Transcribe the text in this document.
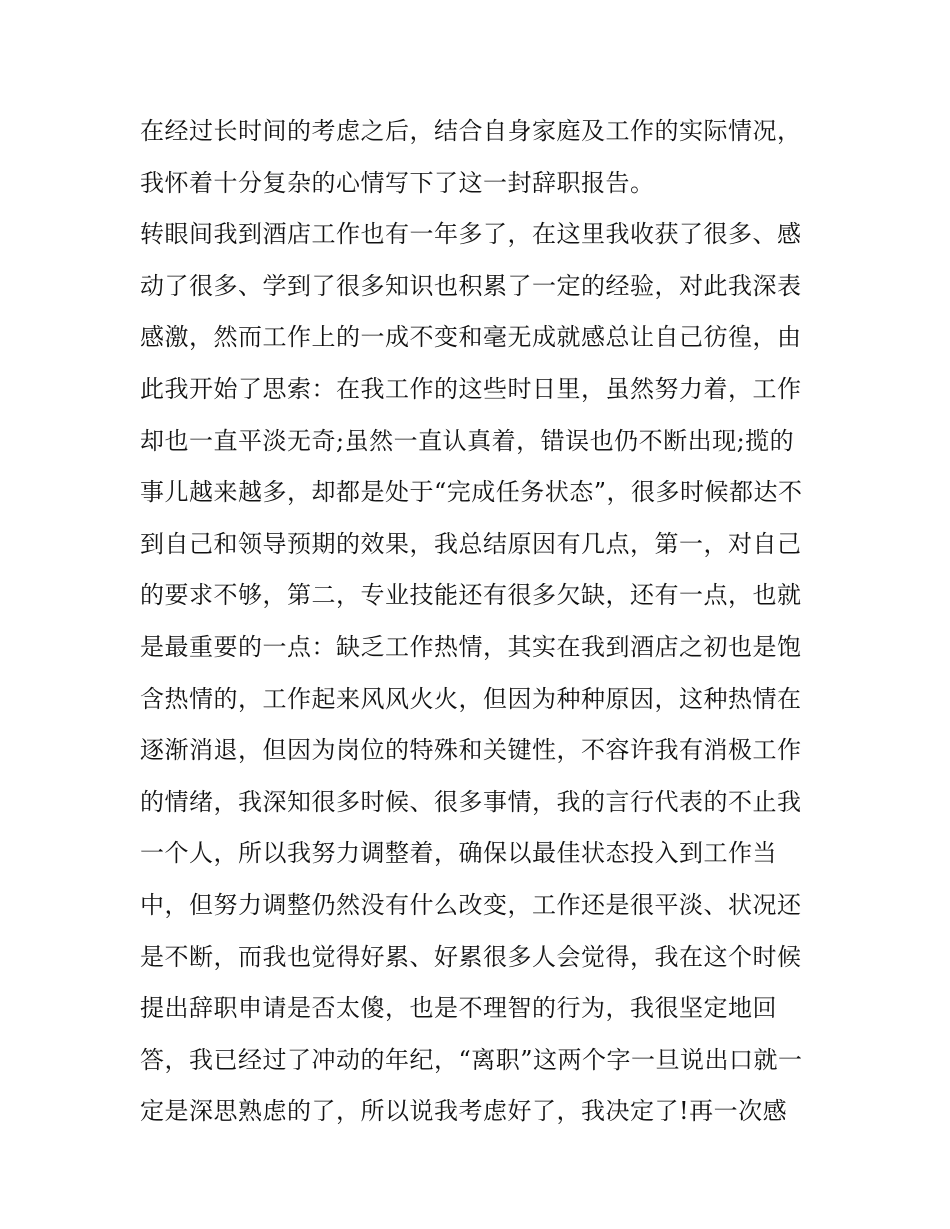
在经过长时间的考虑之后，结合自身家庭及工作的实际情况，
我怀着十分复杂的心情写下了这一封辞职报告。
转眼间我到酒店工作也有一年多了，在这里我收获了很多、感
动了很多、学到了很多知识也积累了一定的经验，对此我深表
感激，然而工作上的一成不变和毫无成就感总让自己彷徨，由
此我开始了思索：在我工作的这些时日里，虽然努力着，工作
却也一直平淡无奇;虽然一直认真着，错误也仍不断出现;揽的
事儿越来越多，却都是处于“完成任务状态”，很多时候都达不
到自己和领导预期的效果，我总结原因有几点，第一，对自己
的要求不够，第二，专业技能还有很多欠缺，还有一点，也就
是最重要的一点：缺乏工作热情，其实在我到酒店之初也是饱
含热情的，工作起来风风火火，但因为种种原因，这种热情在
逐渐消退，但因为岗位的特殊和关键性，不容许我有消极工作
的情绪，我深知很多时候、很多事情，我的言行代表的不止我
一个人，所以我努力调整着，确保以最佳状态投入到工作当
中，但努力调整仍然没有什么改变，工作还是很平淡、状况还
是不断，而我也觉得好累、好累很多人会觉得，我在这个时候
提出辞职申请是否太傻，也是不理智的行为，我很坚定地回
答，我已经过了冲动的年纪，“离职”这两个字一旦说出口就一
定是深思熟虑的了，所以说我考虑好了，我决定了!再一次感
